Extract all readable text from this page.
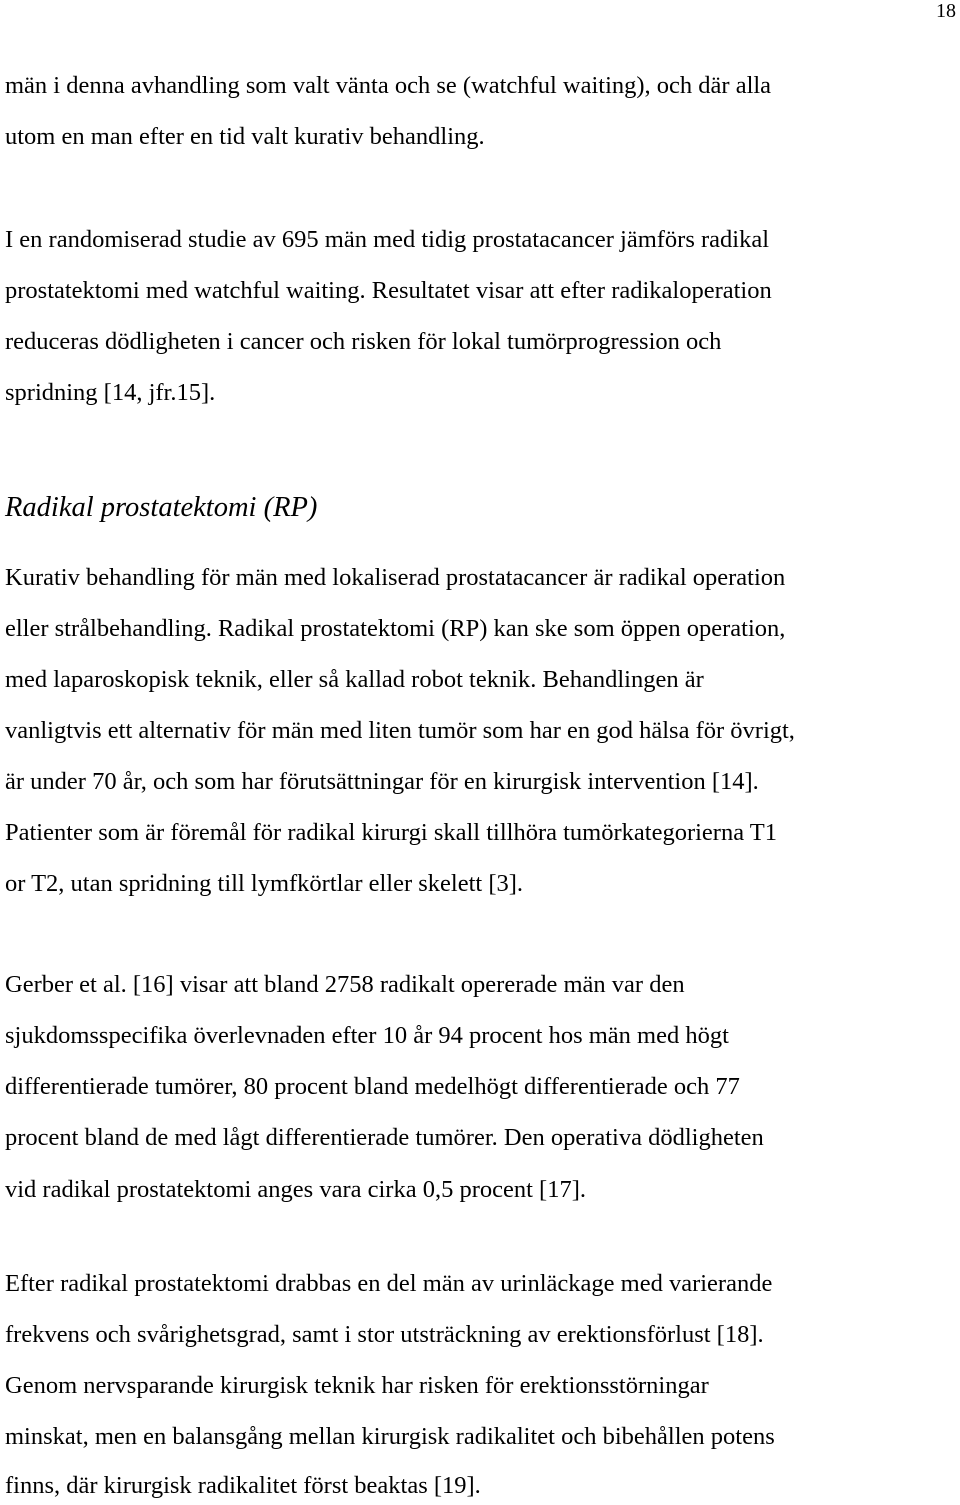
18
män i denna avhandling som valt vänta och se (watchful waiting), och där alla
utom en man efter en tid valt kurativ behandling.
I en randomiserad studie av 695 män med tidig prostatacancer jämförs radikal
prostatektomi med watchful waiting. Resultatet visar att efter radikaloperation
reduceras dödligheten i cancer och risken för lokal tumörprogression och
spridning [14, jfr.15].
Radikal prostatektomi (RP)
Kurativ behandling för män med lokaliserad prostatacancer är radikal operation
eller strålbehandling. Radikal prostatektomi (RP) kan ske som öppen operation,
med laparoskopisk teknik, eller så kallad robot teknik. Behandlingen är
vanligtvis ett alternativ för män med liten tumör som har en god hälsa för övrigt,
är under 70 år, och som har förutsättningar för en kirurgisk intervention [14].
Patienter som är föremål för radikal kirurgi skall tillhöra tumörkategorierna T1
or T2, utan spridning till lymfkörtlar eller skelett [3].
Gerber et al. [16] visar att bland 2758 radikalt opererade män var den
sjukdomsspecifika överlevnaden efter 10 år 94 procent hos män med högt
differentierade tumörer, 80 procent bland medelhögt differentierade och 77
procent bland de med lågt differentierade tumörer. Den operativa dödligheten
vid radikal prostatektomi anges vara cirka 0,5 procent [17].
Efter radikal prostatektomi drabbas en del män av urinläckage med varierande
frekvens och svårighetsgrad, samt i stor utsträckning av erektionsförlust [18].
Genom nervsparande kirurgisk teknik har risken för erektionsstörningar
minskat, men en balansgång mellan kirurgisk radikalitet och bibehållen potens
finns, där kirurgisk radikalitet först beaktas [19].
